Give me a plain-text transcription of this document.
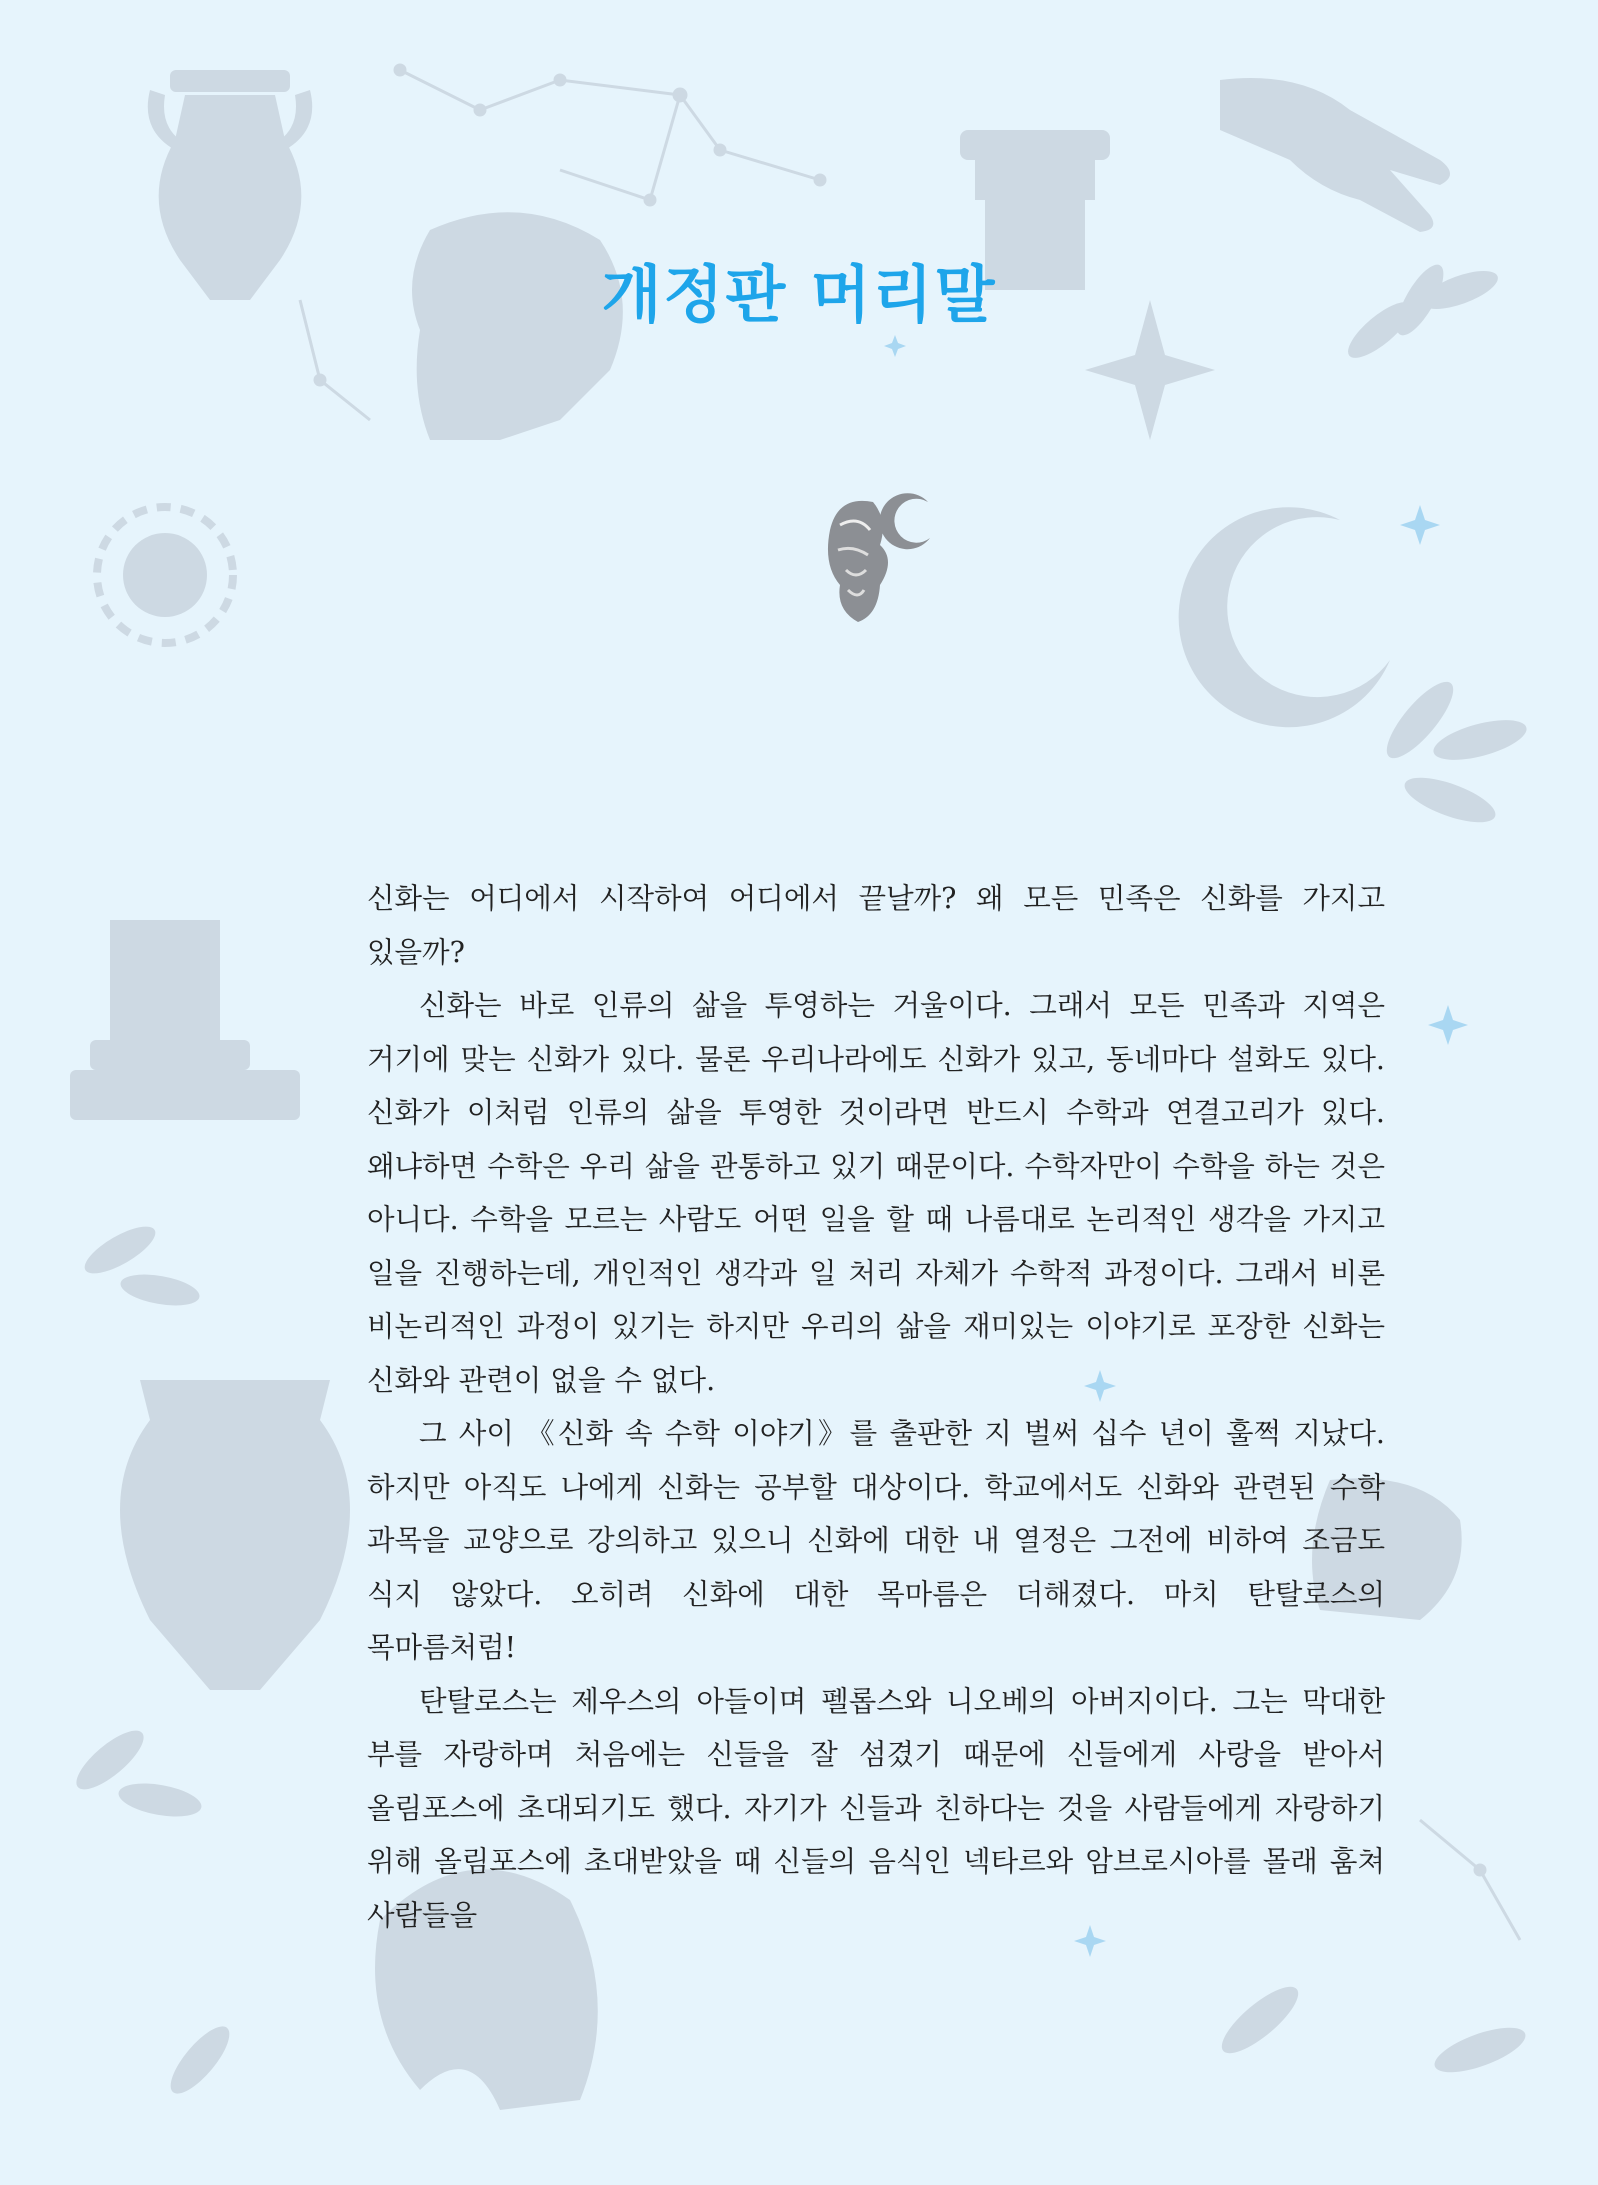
개정판 머리말

신화는 어디에서 시작하여 어디에서 끝날까? 왜 모든 민족은 신화를 가지고 있을까?

신화는 바로 인류의 삶을 투영하는 거울이다. 그래서 모든 민족과 지역은 거기에 맞는 신화가 있다. 물론 우리나라에도 신화가 있고, 동네마다 설화도 있다. 신화가 이처럼 인류의 삶을 투영한 것이라면 반드시 수학과 연결고리가 있다. 왜냐하면 수학은 우리 삶을 관통하고 있기 때문이다. 수학자만이 수학을 하는 것은 아니다. 수학을 모르는 사람도 어떤 일을 할 때 나름대로 논리적인 생각을 가지고 일을 진행하는데, 개인적인 생각과 일 처리 자체가 수학적 과정이다. 그래서 비론 비논리적인 과정이 있기는 하지만 우리의 삶을 재미있는 이야기로 포장한 신화는 신화와 관련이 없을 수 없다.

그 사이 《신화 속 수학 이야기》를 출판한 지 벌써 십수 년이 훌쩍 지났다. 하지만 아직도 나에게 신화는 공부할 대상이다. 학교에서도 신화와 관련된 수학 과목을 교양으로 강의하고 있으니 신화에 대한 내 열정은 그전에 비하여 조금도 식지 않았다. 오히려 신화에 대한 목마름은 더해졌다. 마치 탄탈로스의 목마름처럼!

탄탈로스는 제우스의 아들이며 펠롭스와 니오베의 아버지이다. 그는 막대한 부를 자랑하며 처음에는 신들을 잘 섬겼기 때문에 신들에게 사랑을 받아서 올림포스에 초대되기도 했다. 자기가 신들과 친하다는 것을 사람들에게 자랑하기 위해 올림포스에 초대받았을 때 신들의 음식인 넥타르와 암브로시아를 몰래 훔쳐 사람들을
